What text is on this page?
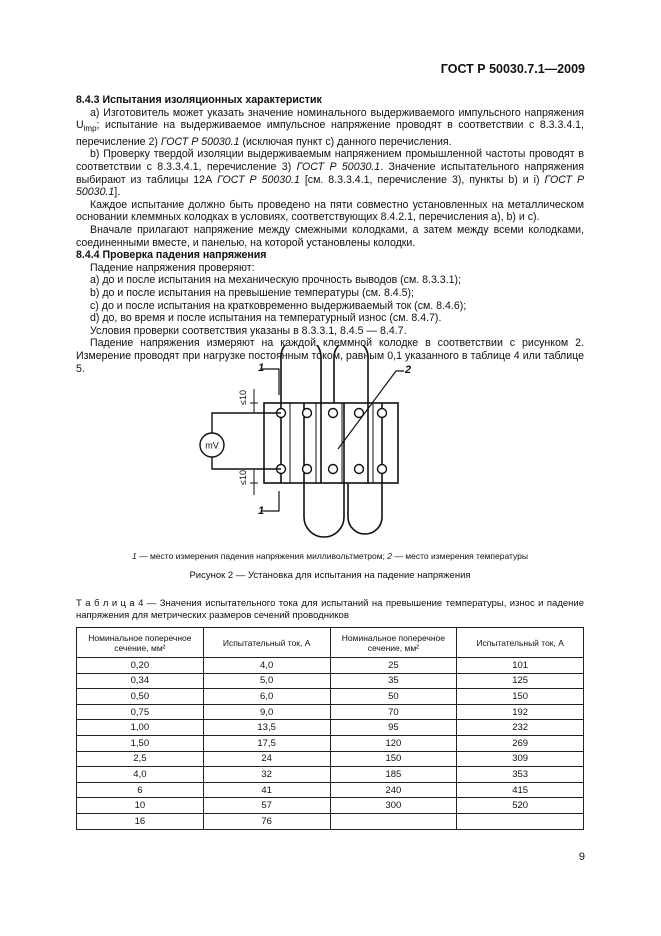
ГОСТ Р 50030.7.1—2009

8.4.3 Испытания изоляционных характеристик

а) Изготовитель может указать значение номинального выдерживаемого импульсного напряжения $U_{imp}$; испытание на выдерживаемое импульсное напряжение проводят в соответствии с 8.3.3.4.1, перечисление 2) ГОСТ Р 50030.1 (исключая пункт с) данного перечисления.

b) Проверку твердой изоляции выдерживаемым напряжением промышленной частоты проводят в соответствии с 8.3.3.4.1, перечисление 3) ГОСТ Р 50030.1. Значение испытательного напряжения выбирают из таблицы 12А ГОСТ Р 50030.1 [см. 8.3.3.4.1, перечисление 3), пункты b) и i) ГОСТ Р 50030.1].

Каждое испытание должно быть проведено на пяти совместно установленных на металлическом основании клеммных колодках в условиях, соответствующих 8.4.2.1, перечисления а), b) и с).

Вначале прилагают напряжение между смежными колодками, а затем между всеми колодками, соединенными вместе, и панелью, на которой установлены колодки.

8.4.4 Проверка падения напряжения

Падение напряжения проверяют:

а) до и после испытания на механическую прочность выводов (см. 8.3.3.1);

b) до и после испытания на превышение температуры (см. 8.4.5);

с) до и после испытания на кратковременно выдерживаемый ток (см. 8.4.6);

d) до, во время и после испытания на температурный износ (см. 8.4.7).

Условия проверки соответствия указаны в 8.3.3.1, 8.4.5 — 8.4.7.

Падение напряжения измеряют на каждой клеммной колодке в соответствии с рисунком 2. Измерение проводят при нагрузке постоянным током, равным 0,1 указанного в таблице 4 или таблице 5.

≤10
≤10
mV
1
1
2
1 — место измерения падения напряжения милливольтметром; 2 — место измерения температуры
Рисунок 2 — Установка для испытания на падение напряжения
Т а б л и ц а 4 — Значения испытательного тока для испытаний на превышение температуры, износ и падение напряжения для метрических размеров сечений проводников
Номинальное поперечное сечение, мм²	Испытательный ток, А	Номинальное поперечное сечение, мм²	Испытательный ток, А
0,20	4,0	25	101
0,34	5,0	35	125
0,50	6,0	50	150
0,75	9,0	70	192
1,00	13,5	95	232
1,50	17,5	120	269
2,5	24	150	309
4,0	32	185	353
6	41	240	415
10	57	300	520
16	76		
9
